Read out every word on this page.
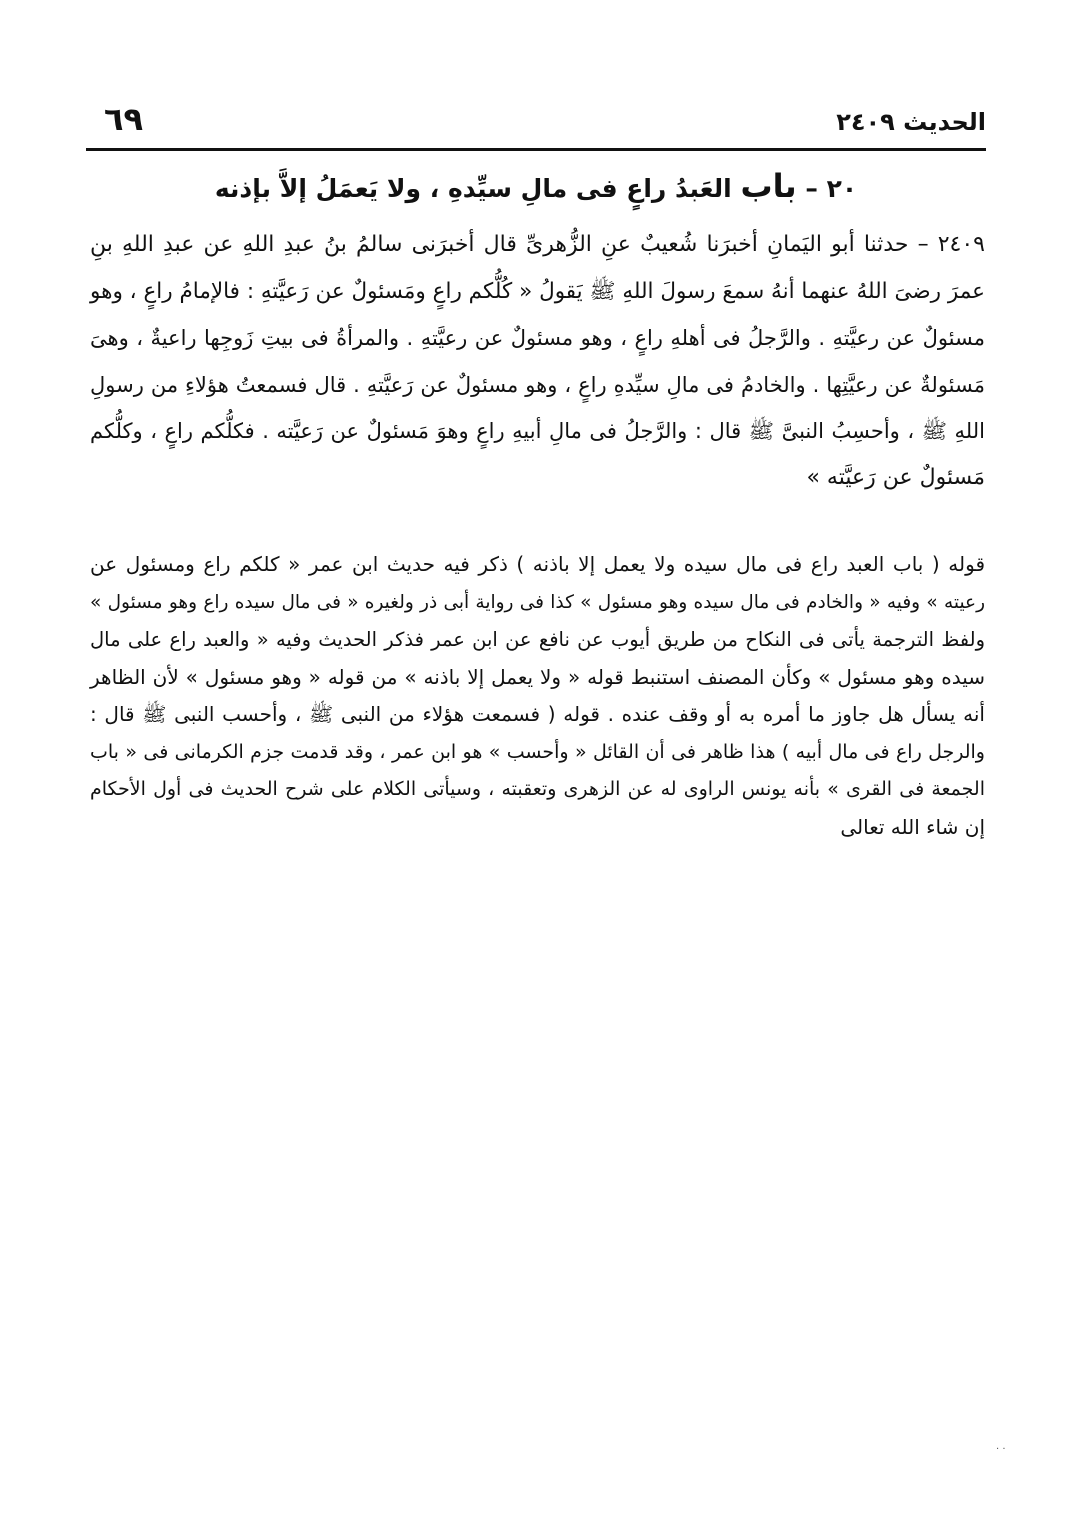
الحديث ٢٤٠٩
٦٩
٢٠ – باب العَبدُ راعٍ فى مالِ سيِّدهِ ، ولا يَعمَلُ إلاَّ بإذنه
٢٤٠٩ – حدثنا أبو اليَمانِ أخبرَنا شُعيبٌ عنِ الزُّهرىِّ قال أخبرَنى سالمُ بنُ عبدِ اللهِ عن عبدِ اللهِ بنِ
عمرَ رضىَ اللهُ عنهما أنهُ سمعَ رسولَ اللهِ ﷺ يَقولُ « كُلُّكم راعٍ ومَسئولٌ عن رَعيَّتهِ : فالإمامُ راعٍ ، وهو
مسئولٌ عن رعيَّتهِ . والرَّجلُ فى أهلهِ راعٍ ، وهو مسئولٌ عن رعيَّتهِ . والمرأةُ فى بيتِ زَوجِها راعيةٌ ، وهىَ
مَسئولةٌ عن رعيَّتِها . والخادمُ فى مالِ سيِّدهِ راعٍ ، وهو مسئولٌ عن رَعيَّتهِ . قال فسمعتُ هؤلاءِ من رسولِ
اللهِ ﷺ ، وأحسِبُ النبىَّ ﷺ قال : والرَّجلُ فى مالِ أبيهِ راعٍ وهوَ مَسئولٌ عن رَعيَّته . فكلُّكم راعٍ ، وكلُّكم
مَسئولٌ عن رَعيَّته »
قوله ( باب العبد راع فى مال سيده ولا يعمل إلا باذنه ) ذكر فيه حديث ابن عمر « كلكم راع ومسئول عن
رعيته » وفيه « والخادم فى مال سيده وهو مسئول » كذا فى رواية أبى ذر ولغيره « فى مال سيده راع وهو مسئول »
ولفظ الترجمة يأتى فى النكاح من طريق أيوب عن نافع عن ابن عمر فذكر الحديث وفيه « والعبد راع على مال
سيده وهو مسئول » وكأن المصنف استنبط قوله « ولا يعمل إلا باذنه » من قوله « وهو مسئول » لأن الظاهر
أنه يسأل هل جاوز ما أمره به أو وقف عنده . قوله ( فسمعت هؤلاء من النبى ﷺ ، وأحسب النبى ﷺ قال :
والرجل راع فى مال أبيه ) هذا ظاهر فى أن القائل « وأحسب » هو ابن عمر ، وقد قدمت جزم الكرمانى فى « باب
الجمعة فى القرى » بأنه يونس الراوى له عن الزهرى وتعقبته ، وسيأتى الكلام على شرح الحديث فى أول الأحكام
إن شاء الله تعالى
· ·
